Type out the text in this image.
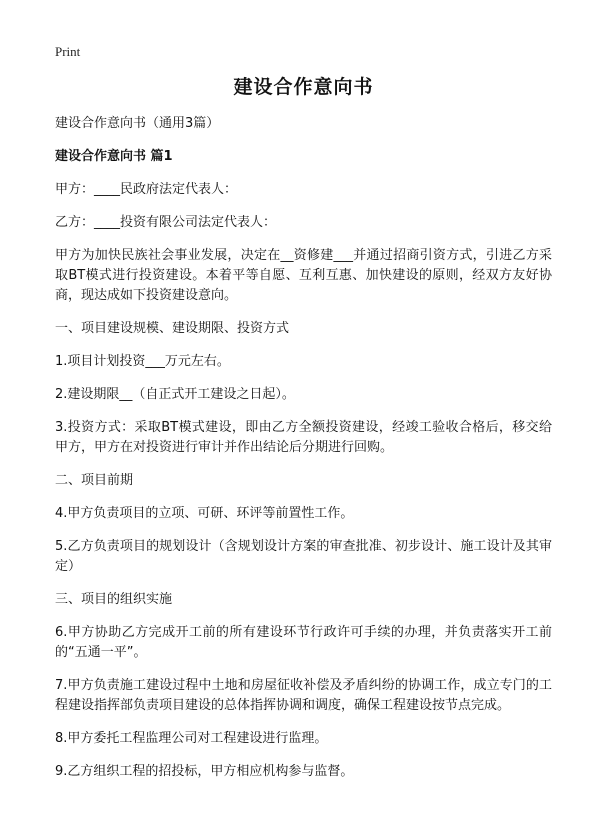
Print
建设合作意向书
建设合作意向书（通用3篇）
建设合作意向书 篇1
甲方：____民政府法定代表人：
乙方：____投资有限公司法定代表人：
甲方为加快民族社会事业发展，决定在__资修建___并通过招商引资方式，引进乙方采取BT模式进行投资建设。本着平等自愿、互利互惠、加快建设的原则，经双方友好协商，现达成如下投资建设意向。
一、项目建设规模、建设期限、投资方式
1.项目计划投资___万元左右。
2.建设期限__（自正式开工建设之日起）。
3.投资方式：采取BT模式建设，即由乙方全额投资建设，经竣工验收合格后，移交给甲方，甲方在对投资进行审计并作出结论后分期进行回购。
二、项目前期
4.甲方负责项目的立项、可研、环评等前置性工作。
5.乙方负责项目的规划设计（含规划设计方案的审查批准、初步设计、施工设计及其审定）
三、项目的组织实施
6.甲方协助乙方完成开工前的所有建设环节行政许可手续的办理，并负责落实开工前的“五通一平”。
7.甲方负责施工建设过程中土地和房屋征收补偿及矛盾纠纷的协调工作，成立专门的工程建设指挥部负责项目建设的总体指挥协调和调度，确保工程建设按节点完成。
8.甲方委托工程监理公司对工程建设进行监理。
9.乙方组织工程的招投标，甲方相应机构参与监督。
